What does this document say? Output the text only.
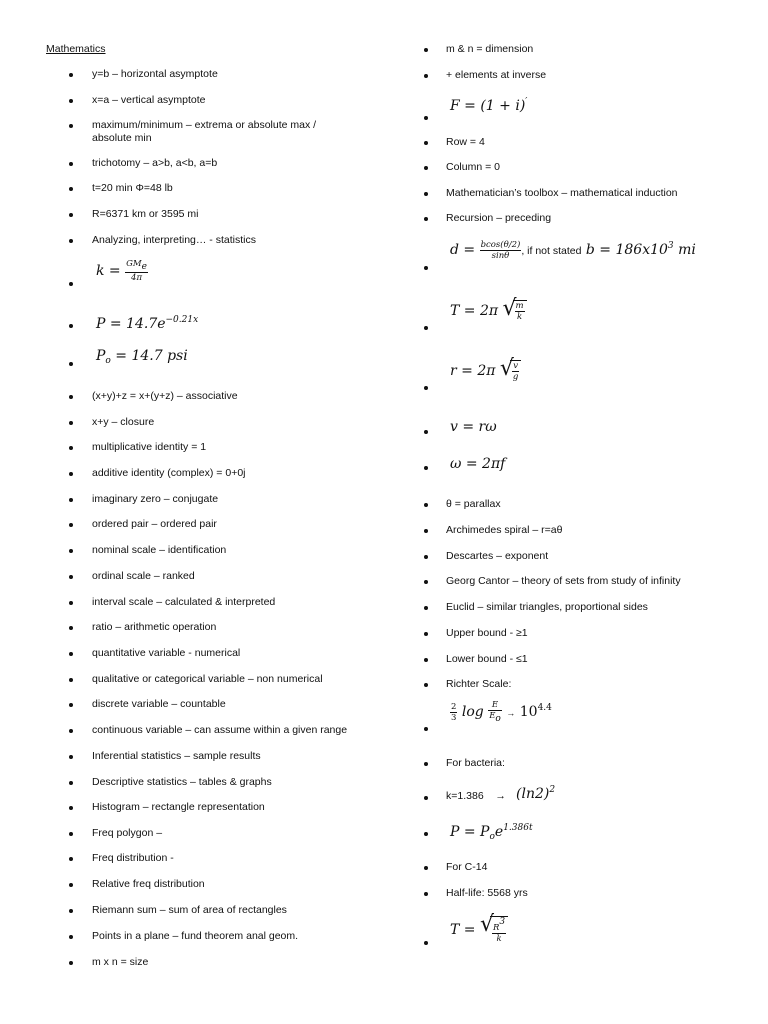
Mathematics
y=b – horizontal asymptote
x=a – vertical asymptote
maximum/minimum – extrema or absolute max / absolute min
trichotomy – a>b, a<b, a=b
t=20 min Φ=48 lb
R=6371 km or 3595 mi
Analyzing, interpreting… - statistics
(x+y)+z = x+(y+z) – associative
x+y – closure
multiplicative identity = 1
additive identity (complex) = 0+0j
imaginary zero – conjugate
ordered pair – ordered pair
nominal scale – identification
ordinal scale – ranked
interval scale – calculated & interpreted
ratio – arithmetic operation
quantitative variable - numerical
qualitative or categorical variable – non numerical
discrete variable – countable
continuous variable – can assume within a given range
Inferential statistics – sample results
Descriptive statistics – tables & graphs
Histogram – rectangle representation
Freq polygon –
Freq distribution -
Relative freq distribution
Riemann sum – sum of area of rectangles
Points in a plane – fund theorem anal geom.
m x n = size
m & n = dimension
+ elements at inverse
Row = 4
Column = 0
Mathematician’s toolbox – mathematical induction
Recursion – preceding
θ = parallax
Archimedes spiral – r=aθ
Descartes – exponent
Georg Cantor – theory of sets from study of infinity
Euclid – similar triangles, proportional sides
Upper bound - ≥1
Lower bound - ≤1
Richter Scale:
For bacteria:
For C-14
Half-life: 5568 yrs
$k = \frac{\text{GMe}}{4\pi}$
$P = 14.7e^{-0.21x}$
$P_o = 14.7$ psi
F = (1 + i)′
$d = \frac{bcos(\theta/2)}{\sin\theta}$ , if not stated $b = 186x10^3$ mi
T = 2π √
$\frac{m}{k}$
r = 2π √
$\frac{v}{g}$
v = rω
ω = 2πf
$\frac{2}{3}$ $\log \frac{E}{Eo} \to 10^{4.4}$
$(\ln 2)^2$
$P = P_oe^{1.386t}$
T = √
$\frac{R3}{k}$
k=1.386 →
